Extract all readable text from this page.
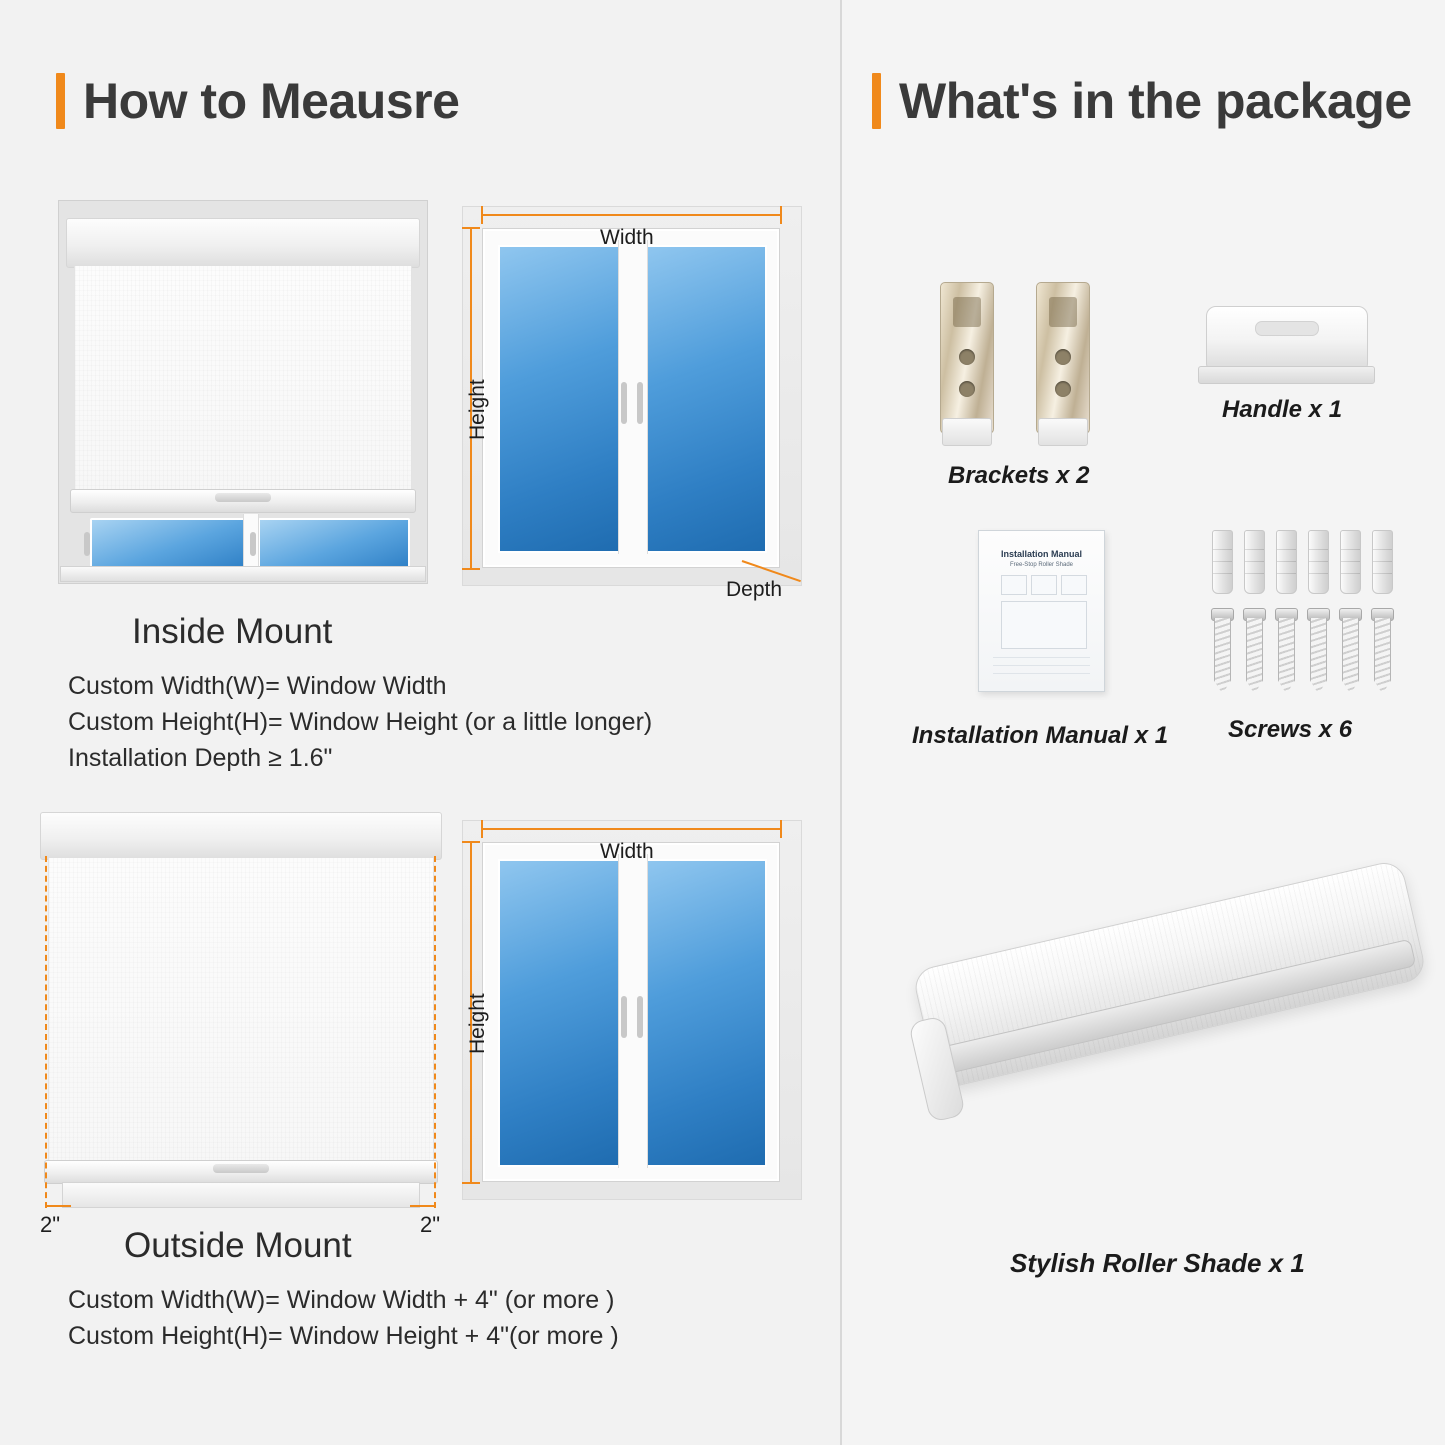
How to Meausre	What's in the package
Width
Height
Depth
Inside Mount
Custom Width(W)= Window Width
Custom Height(H)= Window Height (or a little longer)
Installation Depth ≥ 1.6"
2"	2"
Width
Height
Outside Mount
Custom Width(W)= Window Width + 4" (or more )
Custom Height(H)= Window Height + 4"(or more )
Brackets x 2
Handle x 1
Installation Manual
Free-Stop Roller Shade
Installation Manual x 1 Screws x 6
Stylish Roller Shade x 1
